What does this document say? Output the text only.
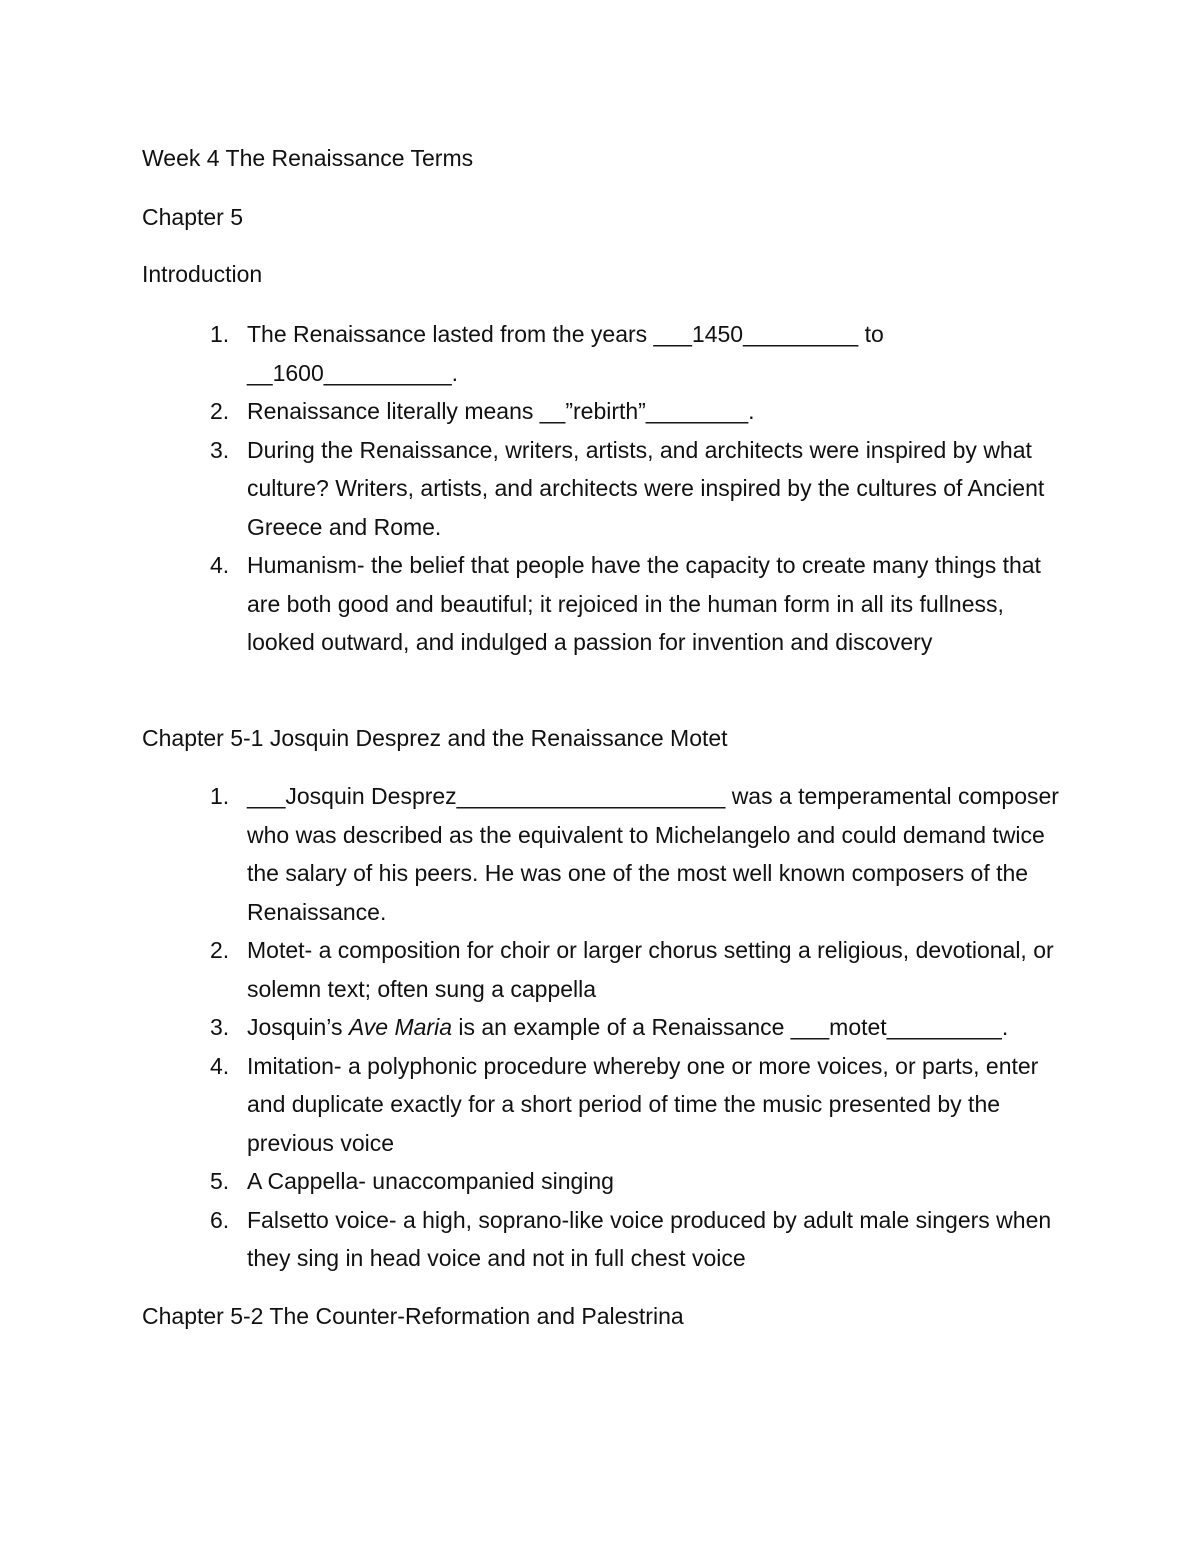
Week 4 The Renaissance Terms
Chapter 5
Introduction
1. The Renaissance lasted from the years ___1450_________ to __1600__________.
2. Renaissance literally means __”rebirth”________.
3. During the Renaissance, writers, artists, and architects were inspired by what culture? Writers, artists, and architects were inspired by the cultures of Ancient Greece and Rome.
4. Humanism- the belief that people have the capacity to create many things that are both good and beautiful; it rejoiced in the human form in all its fullness, looked outward, and indulged a passion for invention and discovery
Chapter 5-1 Josquin Desprez and the Renaissance Motet
1. ___Josquin Desprez_____________________ was a temperamental composer who was described as the equivalent to Michelangelo and could demand twice the salary of his peers. He was one of the most well known composers of the Renaissance.
2. Motet- a composition for choir or larger chorus setting a religious, devotional, or solemn text; often sung a cappella
3. Josquin’s Ave Maria is an example of a Renaissance ___motet_________.
4. Imitation- a polyphonic procedure whereby one or more voices, or parts, enter and duplicate exactly for a short period of time the music presented by the previous voice
5. A Cappella- unaccompanied singing
6. Falsetto voice- a high, soprano-like voice produced by adult male singers when they sing in head voice and not in full chest voice
Chapter 5-2 The Counter-Reformation and Palestrina
